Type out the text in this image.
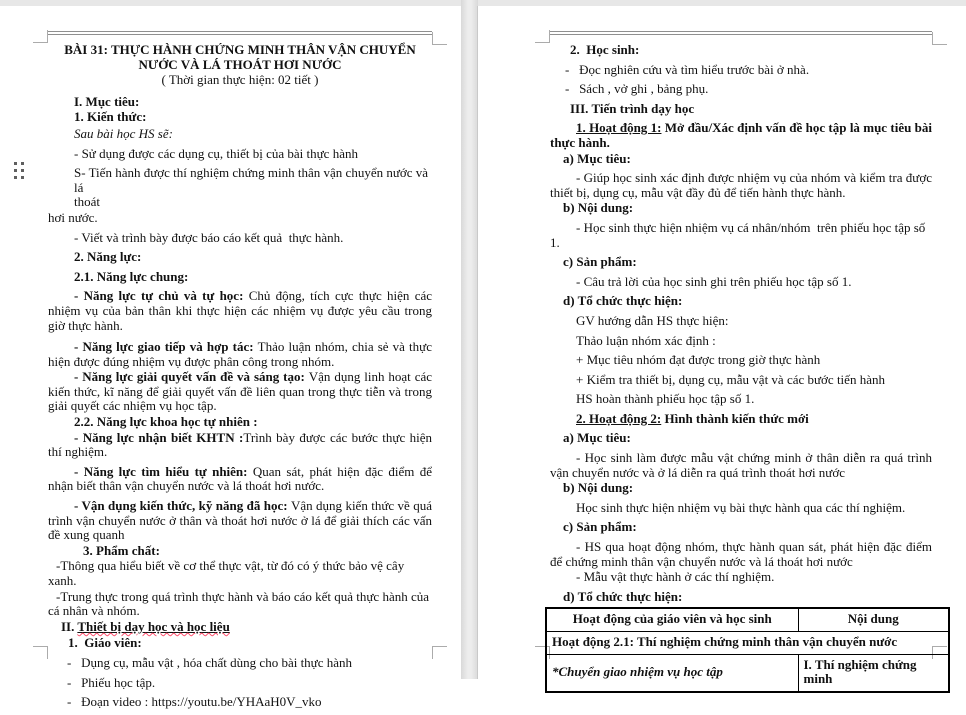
BÀI 31: THỰC HÀNH CHỨNG MINH THÂN VẬN CHUYỂN NƯỚC VÀ LÁ THOÁT HƠI NƯỚC

( Thời gian thực hiện: 02 tiết )

I. Mục tiêu:

1. Kiến thức:

Sau bài học HS sẽ:

- Sử dụng được các dụng cụ, thiết bị của bài thực hành

S- Tiến hành được thí nghiệm chứng minh thân vận chuyển nước và lá
thoát

hơi nước.

- Viết và trình bày được báo cáo kết quả  thực hành.

2. Năng lực:

2.1. Năng lực chung:

- Năng lực tự chủ và tự học: Chủ động, tích cực thực hiện các nhiệm vụ của bản thân khi thực hiện các nhiệm vụ được yêu cầu trong giờ thực hành.

- Năng lực giao tiếp và hợp tác: Thảo luận nhóm, chia sẻ và thực hiện được đúng nhiệm vụ được phân công trong nhóm.

- Năng lực giải quyết vấn đề và sáng tạo: Vận dụng linh hoạt các kiến thức, kĩ năng để giải quyết vấn đề liên quan trong thực tiễn và trong giải quyết các nhiệm vụ học tập.

2.2. Năng lực khoa học tự nhiên :

- Năng lực nhận biết KHTN :Trình bày được các bước thực hiện thí nghiệm.

- Năng lực tìm hiểu tự nhiên: Quan sát, phát hiện đặc điểm để nhận biết thân vận chuyển nước và lá thoát hơi nước.

- Vận dụng kiến thức, kỹ năng đã học: Vận dụng kiến thức về quá trình vận chuyển nước ở thân và thoát hơi nước ở lá để giải thích các vấn đề xung quanh

3. Phẩm chất:

-Thông qua hiểu biết về cơ thể thực vật, từ đó có ý thức bảo vệ cây xanh.

-Trung thực trong quá trình thực hành và báo cáo kết quả thực hành của cá nhân và nhóm.

II. Thiết bị dạy học và học liệu

1.  Giáo viên:

-   Dụng cụ, mẫu vật , hóa chất dùng cho bài thực hành

-   Phiếu học tập.

-   Đoạn video : https://youtu.be/YHAaH0V_vko

2.  Học sinh:

-   Đọc nghiên cứu và tìm hiểu trước bài ở nhà.

-   Sách , vở ghi , bảng phụ.

III. Tiến trình dạy học

1. Hoạt động 1: Mở đầu/Xác định vấn đề học tập là mục tiêu bài thực hành.

a) Mục tiêu:

- Giúp học sinh xác định được nhiệm vụ của nhóm và kiểm tra được thiết bị, dụng cụ, mẫu vật đầy đủ để tiến hành thực hành.

b) Nội dung:

- Học sinh thực hiện nhiệm vụ cá nhân/nhóm  trên phiếu học tập số 1.

c) Sản phẩm:

- Câu trả lời của học sinh ghi trên phiếu học tập số 1.

d) Tổ chức thực hiện:

GV hướng dẫn HS thực hiện:

Thảo luận nhóm xác định :

+ Mục tiêu nhóm đạt được trong giờ thực hành

+ Kiểm tra thiết bị, dụng cụ, mẫu vật và các bước tiến hành

HS hoàn thành phiếu học tập số 1.

2. Hoạt động 2: Hình thành kiến thức mới

a) Mục tiêu:

- Học sinh làm được mẫu vật chứng minh ở thân diễn ra quá trình vận chuyển nước và ở lá diễn ra quá trình thoát hơi nước

b) Nội dung:

Học sinh thực hiện nhiệm vụ bài thực hành qua các thí nghiệm.

c) Sản phẩm:

- HS qua hoạt động nhóm, thực hành quan sát, phát hiện đặc điểm để chứng minh thân vận chuyển nước và lá thoát hơi nước

- Mẫu vật thực hành ở các thí nghiệm.

d) Tổ chức thực hiện:

Hoạt động của giáo viên và học sinh	Nội dung
Hoạt động 2.1: Thí nghiệm chứng minh thân vận chuyển nước	
*Chuyển giao nhiệm vụ học tập	I. Thí nghiệm chứng minh
